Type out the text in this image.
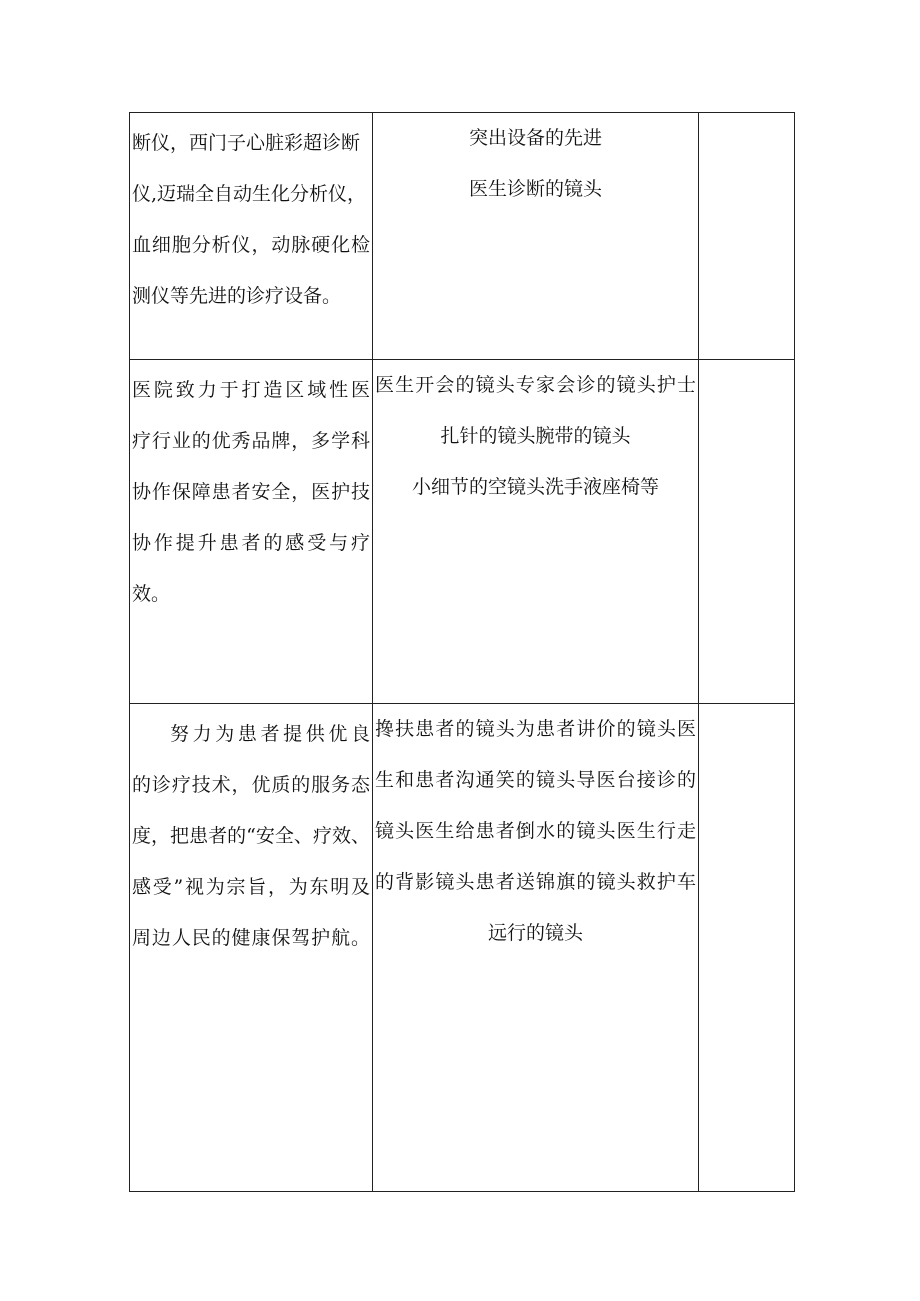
断仪，西门子心脏彩超诊断
仪,迈瑞全自动生化分析仪，
血细胞分析仪，动脉硬化检
测仪等先进的诊疗设备。	突出设备的先进
医生诊断的镜头	

医院致力于打造区域性医
疗行业的优秀品牌，多学科
协作保障患者安全，医护技
协作提升患者的感受与疗
效。	医生开会的镜头专家会诊的镜头护士
扎针的镜头腕带的镜头
小细节的空镜头洗手液座椅等	

努力为患者提供优良
的诊疗技术，优质的服务态
度，把患者的“安全、疗效、
感受”视为宗旨，为东明及
周边人民的健康保驾护航。	搀扶患者的镜头为患者讲价的镜头医
生和患者沟通笑的镜头导医台接诊的
镜头医生给患者倒水的镜头医生行走
的背影镜头患者送锦旗的镜头救护车
远行的镜头	
